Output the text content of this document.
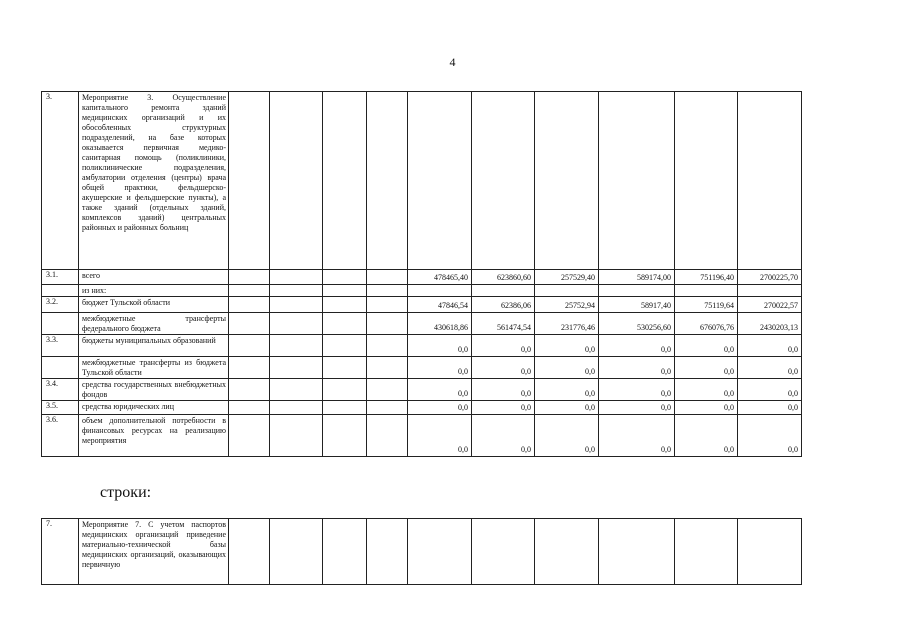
4
3.	Мероприятие 3. Осуществление капитального ремонта зданий медицинских организаций и их обособленных структурных подразделений, на базе которых оказывается первичная медико-санитарная помощь (поликлиники, поликлинические подразделения, амбулатории отделения (центры) врача общей практики, фельдшерско-акушерские и фельдшерские пункты), а также зданий (отдельных зданий, комплексов зданий) центральных районных и районных больниц										
3.1.	всего					478465,40	623860,60	257529,40	589174,00	751196,40	2700225,70
	из них:										
3.2.	бюджет Тульской области					47846,54	62386,06	25752,94	58917,40	75119,64	270022,57
	межбюджетные трансферты федерального бюджета					430618,86	561474,54	231776,46	530256,60	676076,76	2430203,13
3.3.	бюджеты муниципальных образований					0,0	0,0	0,0	0,0	0,0	0,0
	межбюджетные трансферты из бюджета Тульской области					0,0	0,0	0,0	0,0	0,0	0,0
3.4.	средства государственных внебюджетных фондов					0,0	0,0	0,0	0,0	0,0	0,0
3.5.	средства юридических лиц					0,0	0,0	0,0	0,0	0,0	0,0
3.6.	объем дополнительной потребности в финансовых ресурсах на реализацию мероприятия					0,0	0,0	0,0	0,0	0,0	0,0
строки:
7.	Мероприятие 7. С учетом паспортов медицинских организаций приведение материально-технической базы медицинских организаций, оказывающих первичную										
